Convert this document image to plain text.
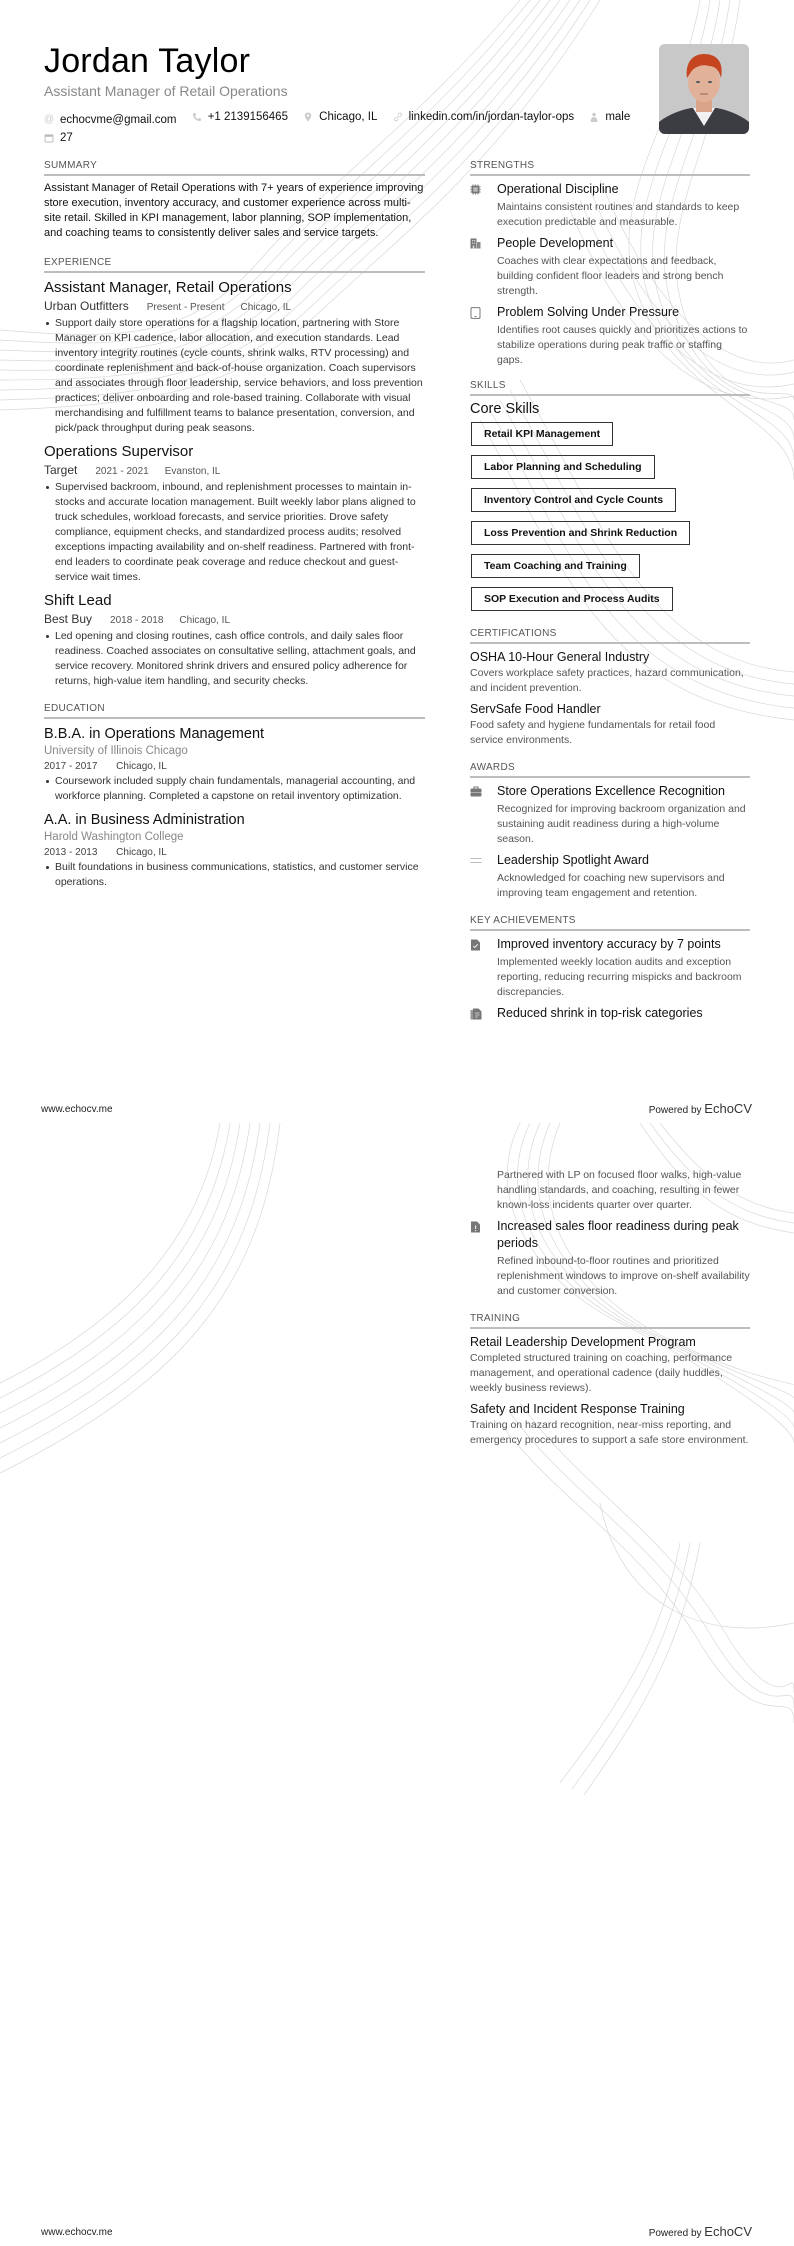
Jordan Taylor
Assistant Manager of Retail Operations
@ echocvme@gmail.com
	+1 2139156465
	Chicago, IL
	linkedin.com/in/jordan-taylor-ops
	male

27
SUMMARY

Assistant Manager of Retail Operations with 7+ years of experience improving store execution, inventory accuracy, and customer experience across multi-site retail. Skilled in KPI management, labor planning, SOP implementation, and coaching teams to consistently deliver sales and service targets.

EXPERIENCE
Assistant Manager, Retail Operations
Urban Outfitters Present - Present Chicago, IL
Support daily store operations for a flagship location, partnering with Store Manager on KPI cadence, labor allocation, and execution standards. Lead inventory integrity routines (cycle counts, shrink walks, RTV processing) and coordinate replenishment and back-of-house organization. Coach supervisors and associates through floor leadership, service behaviors, and loss prevention practices; deliver onboarding and role-based training. Collaborate with visual merchandising and fulfillment teams to balance presentation, conversion, and pick/pack throughput during peak seasons.
Operations Supervisor
Target 2021 - 2021 Evanston, IL
Supervised backroom, inbound, and replenishment processes to maintain in-stocks and accurate location management. Built weekly labor plans aligned to truck schedules, workload forecasts, and service priorities. Drove safety compliance, equipment checks, and standardized process audits; resolved exceptions impacting availability and on-shelf readiness. Partnered with front-end leaders to coordinate peak coverage and reduce checkout and guest-service wait times.
Shift Lead
Best Buy 2018 - 2018 Chicago, IL
Led opening and closing routines, cash office controls, and daily sales floor readiness. Coached associates on consultative selling, attachment goals, and service recovery. Monitored shrink drivers and ensured policy adherence for returns, high-value item handling, and security checks.
EDUCATION
B.B.A. in Operations Management
University of Illinois Chicago
2017 - 2017 Chicago, IL
Coursework included supply chain fundamentals, managerial accounting, and workforce planning. Completed a capstone on retail inventory optimization.
A.A. in Business Administration
Harold Washington College
2013 - 2013 Chicago, IL
Built foundations in business communications, statistics, and customer service operations.
STRENGTHS
Operational Discipline
Maintains consistent routines and standards to keep execution predictable and measurable.
People Development
Coaches with clear expectations and feedback, building confident floor leaders and strong bench strength.
Problem Solving Under Pressure
Identifies root causes quickly and prioritizes actions to stabilize operations during peak traffic or staffing gaps.
SKILLS
Core Skills
Retail KPI Management
Labor Planning and Scheduling
Inventory Control and Cycle Counts
Loss Prevention and Shrink Reduction
Team Coaching and Training
SOP Execution and Process Audits
CERTIFICATIONS
OSHA 10-Hour General Industry
Covers workplace safety practices, hazard communication, and incident prevention.
ServSafe Food Handler
Food safety and hygiene fundamentals for retail food service environments.
AWARDS
Store Operations Excellence Recognition
Recognized for improving backroom organization and sustaining audit readiness during a high-volume season.
Leadership Spotlight Award
Acknowledged for coaching new supervisors and improving team engagement and retention.
KEY ACHIEVEMENTS
Improved inventory accuracy by 7 points
Implemented weekly location audits and exception reporting, reducing recurring mispicks and backroom discrepancies.
Reduced shrink in top-risk categories
www.echocv.me	Powered by EchoCV
Partnered with LP on focused floor walks, high-value handling standards, and coaching, resulting in fewer known-loss incidents quarter over quarter.
Increased sales floor readiness during peak periods
Refined inbound-to-floor routines and prioritized replenishment windows to improve on-shelf availability and customer conversion.
TRAINING
Retail Leadership Development Program
Completed structured training on coaching, performance management, and operational cadence (daily huddles, weekly business reviews).
Safety and Incident Response Training
Training on hazard recognition, near-miss reporting, and emergency procedures to support a safe store environment.
www.echocv.me	Powered by EchoCV
